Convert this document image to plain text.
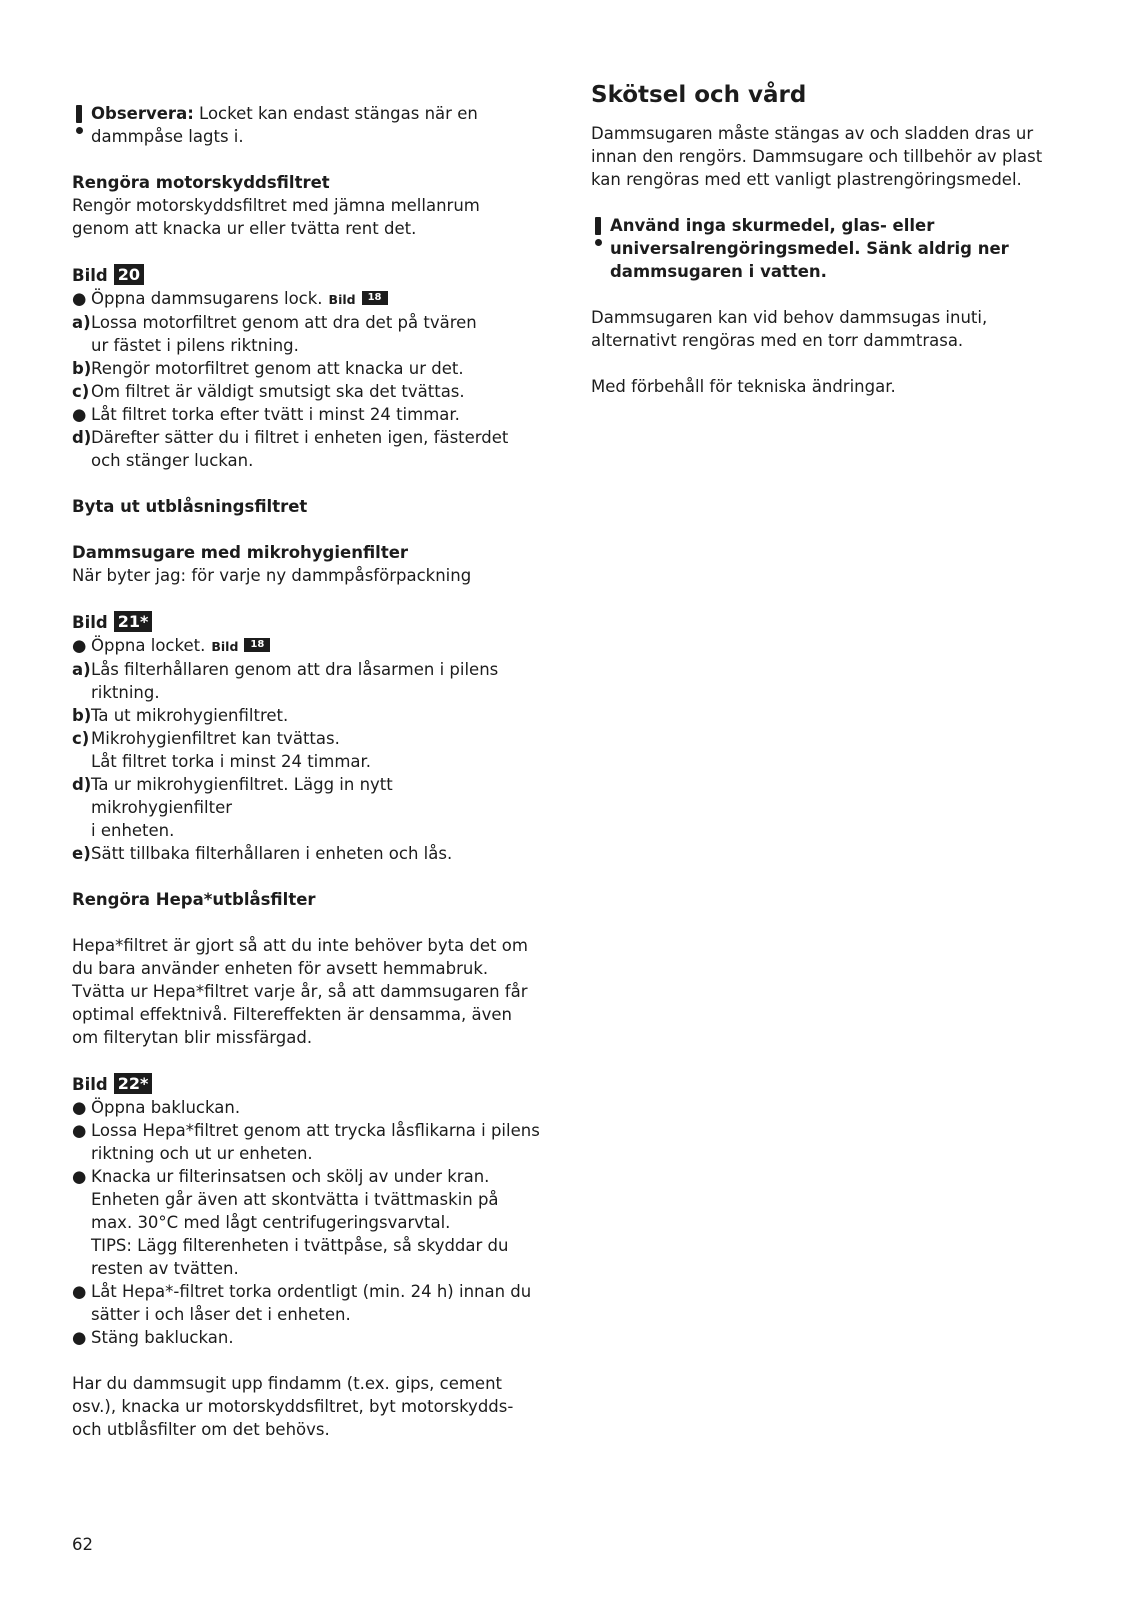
Observera: Locket kan endast stängas när en
dammpåse lagts i.
Rengöra motorskyddsfiltret
Rengör motorskyddsfiltret med jämna mellanrum
genom att knacka ur eller tvätta rent det.
Bild 20
● Öppna dammsugarens lock. Bild 18
a) Lossa motorfiltret genom att dra det på tvären
ur fästet i pilens riktning.
b) Rengör motorfiltret genom att knacka ur det.
c) Om filtret är väldigt smutsigt ska det tvättas.
● Låt filtret torka efter tvätt i minst 24 timmar.
d) Därefter sätter du i filtret i enheten igen, fästerdet
och stänger luckan.
Byta ut utblåsningsfiltret
Dammsugare med mikrohygienfilter
När byter jag: för varje ny dammpåsförpackning
Bild 21*
● Öppna locket. Bild 18
a) Lås filterhållaren genom att dra låsarmen i pilens
riktning.
b) Ta ut mikrohygienfiltret.
c) Mikrohygienfiltret kan tvättas.
Låt filtret torka i minst 24 timmar.
d) Ta ur mikrohygienfiltret. Lägg in nytt
mikrohygienfilter
i enheten.
e) Sätt tillbaka filterhållaren i enheten och lås.
Rengöra Hepa*utblåsfilter
Hepa*filtret är gjort så att du inte behöver byta det om
du bara använder enheten för avsett hemmabruk.
Tvätta ur Hepa*filtret varje år, så att dammsugaren får
optimal effektnivå. Filtereffekten är densamma, även
om filterytan blir missfärgad.
Bild 22*
● Öppna bakluckan.
● Lossa Hepa*filtret genom att trycka låsflikarna i pilens
riktning och ut ur enheten.
● Knacka ur filterinsatsen och skölj av under kran.
Enheten går även att skontvätta i tvättmaskin på
max. 30°C med lågt centrifugeringsvarvtal.
TIPS: Lägg filterenheten i tvättpåse, så skyddar du
resten av tvätten.
● Låt Hepa*-filtret torka ordentligt (min. 24 h) innan du
sätter i och låser det i enheten.
● Stäng bakluckan.
Har du dammsugit upp findamm (t.ex. gips, cement
osv.), knacka ur motorskyddsfiltret, byt motorskydds-
och utblåsfilter om det behövs.
Skötsel och vård
Dammsugaren måste stängas av och sladden dras ur
innan den rengörs. Dammsugare och tillbehör av plast
kan rengöras med ett vanligt plastrengöringsmedel.
Använd inga skurmedel, glas- eller
universalrengöringsmedel. Sänk aldrig ner
dammsugaren i vatten.
Dammsugaren kan vid behov dammsugas inuti,
alternativt rengöras med en torr dammtrasa.
Med förbehåll för tekniska ändringar.
62
